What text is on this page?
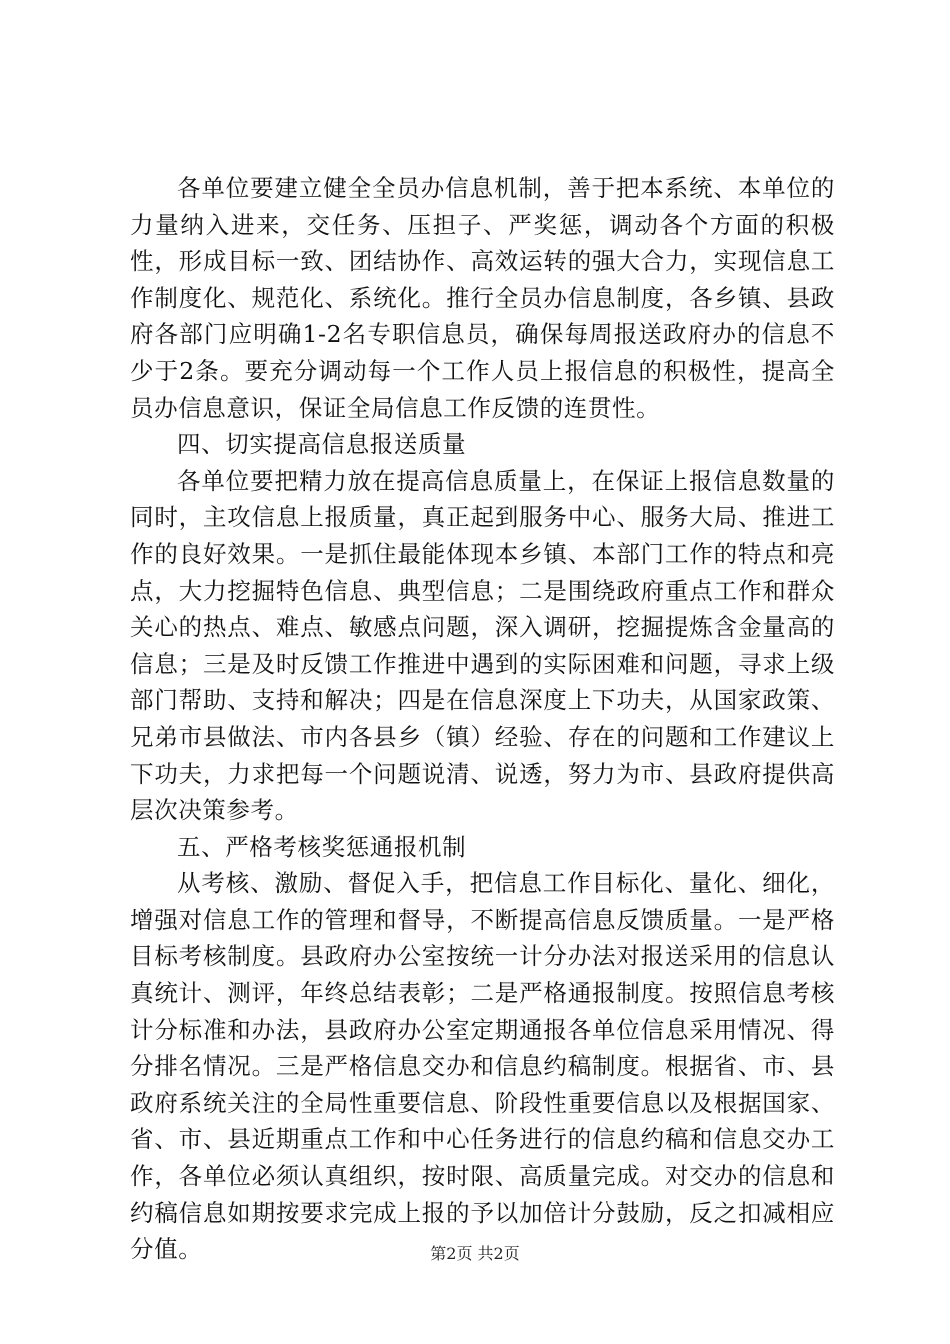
各单位要建立健全全员办信息机制，善于把本系统、本单位的力量纳入进来，交任务、压担子、严奖惩，调动各个方面的积极性，形成目标一致、团结协作、高效运转的强大合力，实现信息工作制度化、规范化、系统化。推行全员办信息制度，各乡镇、县政府各部门应明确1-2名专职信息员，确保每周报送政府办的信息不少于2条。要充分调动每一个工作人员上报信息的积极性，提高全员办信息意识，保证全局信息工作反馈的连贯性。

四、切实提高信息报送质量

各单位要把精力放在提高信息质量上，在保证上报信息数量的同时，主攻信息上报质量，真正起到服务中心、服务大局、推进工作的良好效果。一是抓住最能体现本乡镇、本部门工作的特点和亮点，大力挖掘特色信息、典型信息；二是围绕政府重点工作和群众关心的热点、难点、敏感点问题，深入调研，挖掘提炼含金量高的信息；三是及时反馈工作推进中遇到的实际困难和问题，寻求上级部门帮助、支持和解决；四是在信息深度上下功夫，从国家政策、兄弟市县做法、市内各县乡（镇）经验、存在的问题和工作建议上下功夫，力求把每一个问题说清、说透，努力为市、县政府提供高层次决策参考。

五、严格考核奖惩通报机制

从考核、激励、督促入手，把信息工作目标化、量化、细化，增强对信息工作的管理和督导，不断提高信息反馈质量。一是严格目标考核制度。县政府办公室按统一计分办法对报送采用的信息认真统计、测评，年终总结表彰；二是严格通报制度。按照信息考核计分标准和办法，县政府办公室定期通报各单位信息采用情况、得分排名情况。三是严格信息交办和信息约稿制度。根据省、市、县政府系统关注的全局性重要信息、阶段性重要信息以及根据国家、省、市、县近期重点工作和中心任务进行的信息约稿和信息交办工作，各单位必须认真组织，按时限、高质量完成。对交办的信息和约稿信息如期按要求完成上报的予以加倍计分鼓励，反之扣减相应分值。	第2页 共2页
